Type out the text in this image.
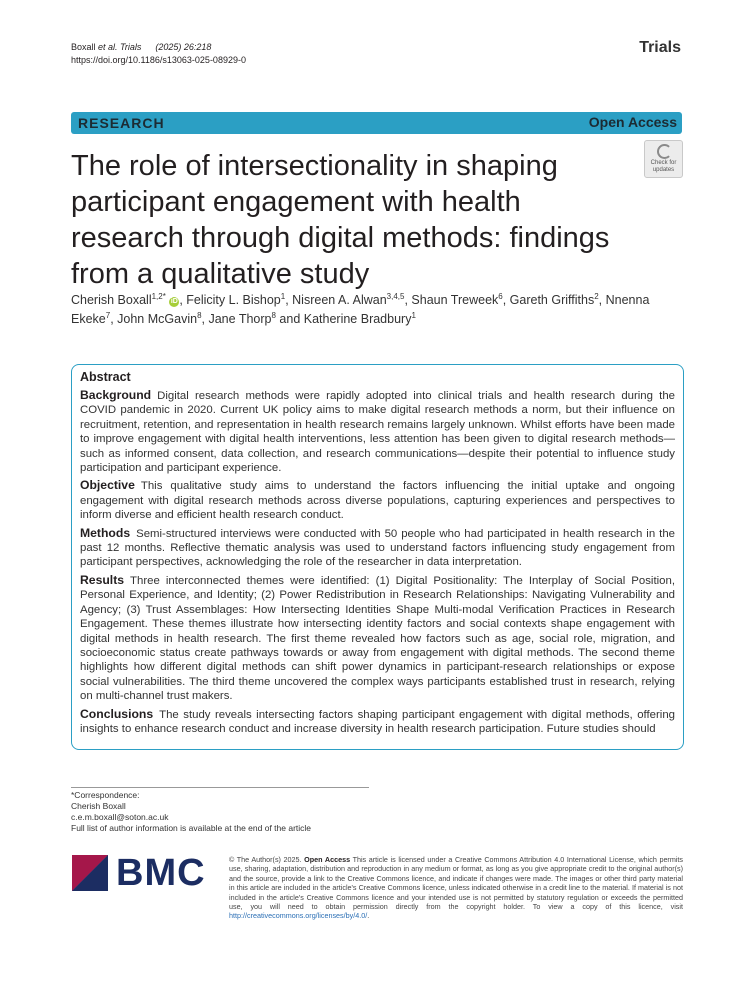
Boxall et al. Trials (2025) 26:218
https://doi.org/10.1186/s13063-025-08929-0
Trials
RESEARCH	Open Access
Check for
updates
The role of intersectionality in shaping participant engagement with health research through digital methods: findings from a qualitative study
Cherish Boxall$^{1,2*}$ iD , Felicity L. Bishop$^1$, Nisreen A. Alwan$^{3,4,5}$, Shaun Treweek$^6$, Gareth Griffiths$^2$, Nnenna Ekeke$^7$, John McGavin$^8$, Jane Thorp$^8$ and Katherine Bradbury$^1$
Abstract

Background Digital research methods were rapidly adopted into clinical trials and health research during the COVID pandemic in 2020. Current UK policy aims to make digital research methods a norm, but their influence on recruitment, retention, and representation in health research remains largely unknown. Whilst efforts have been made to improve engagement with digital health interventions, less attention has been given to digital research methods—such as informed consent, data collection, and research communications—despite their potential to influence study participation and participant experience.

Objective This qualitative study aims to understand the factors influencing the initial uptake and ongoing engagement with digital research methods across diverse populations, capturing experiences and perspectives to inform diverse and efficient health research conduct.

Methods Semi-structured interviews were conducted with 50 people who had participated in health research in the past 12 months. Reflective thematic analysis was used to understand factors influencing study engagement from participant perspectives, acknowledging the role of the researcher in data interpretation.

Results Three interconnected themes were identified: (1) Digital Positionality: The Interplay of Social Position, Personal Experience, and Identity; (2) Power Redistribution in Research Relationships: Navigating Vulnerability and Agency; (3) Trust Assemblages: How Intersecting Identities Shape Multi-modal Verification Practices in Research Engagement. These themes illustrate how intersecting identity factors and social contexts shape engagement with digital methods in health research. The first theme revealed how factors such as age, social role, migration, and socioeconomic status create pathways towards or away from engagement with digital methods. The second theme highlights how different digital methods can shift power dynamics in participant-research relationships or expose social vulnerabilities. The third theme uncovered the complex ways participants established trust in research, relying on multi-channel trust makers.

Conclusions The study reveals intersecting factors shaping participant engagement with digital methods, offering insights to enhance research conduct and increase diversity in health research participation. Future studies should

*Correspondence:
Cherish Boxall
c.e.m.boxall@soton.ac.uk
Full list of author information is available at the end of the article
BMC	© The Author(s) 2025. Open Access This article is licensed under a Creative Commons Attribution 4.0 International License, which permits use, sharing, adaptation, distribution and reproduction in any medium or format, as long as you give appropriate credit to the original author(s) and the source, provide a link to the Creative Commons licence, and indicate if changes were made. The images or other third party material in this article are included in the article's Creative Commons licence, unless indicated otherwise in a credit line to the material. If material is not included in the article's Creative Commons licence and your intended use is not permitted by statutory regulation or exceeds the permitted use, you will need to obtain permission directly from the copyright holder. To view a copy of this licence, visit http://creativecommons.org/licenses/by/4.0/.
